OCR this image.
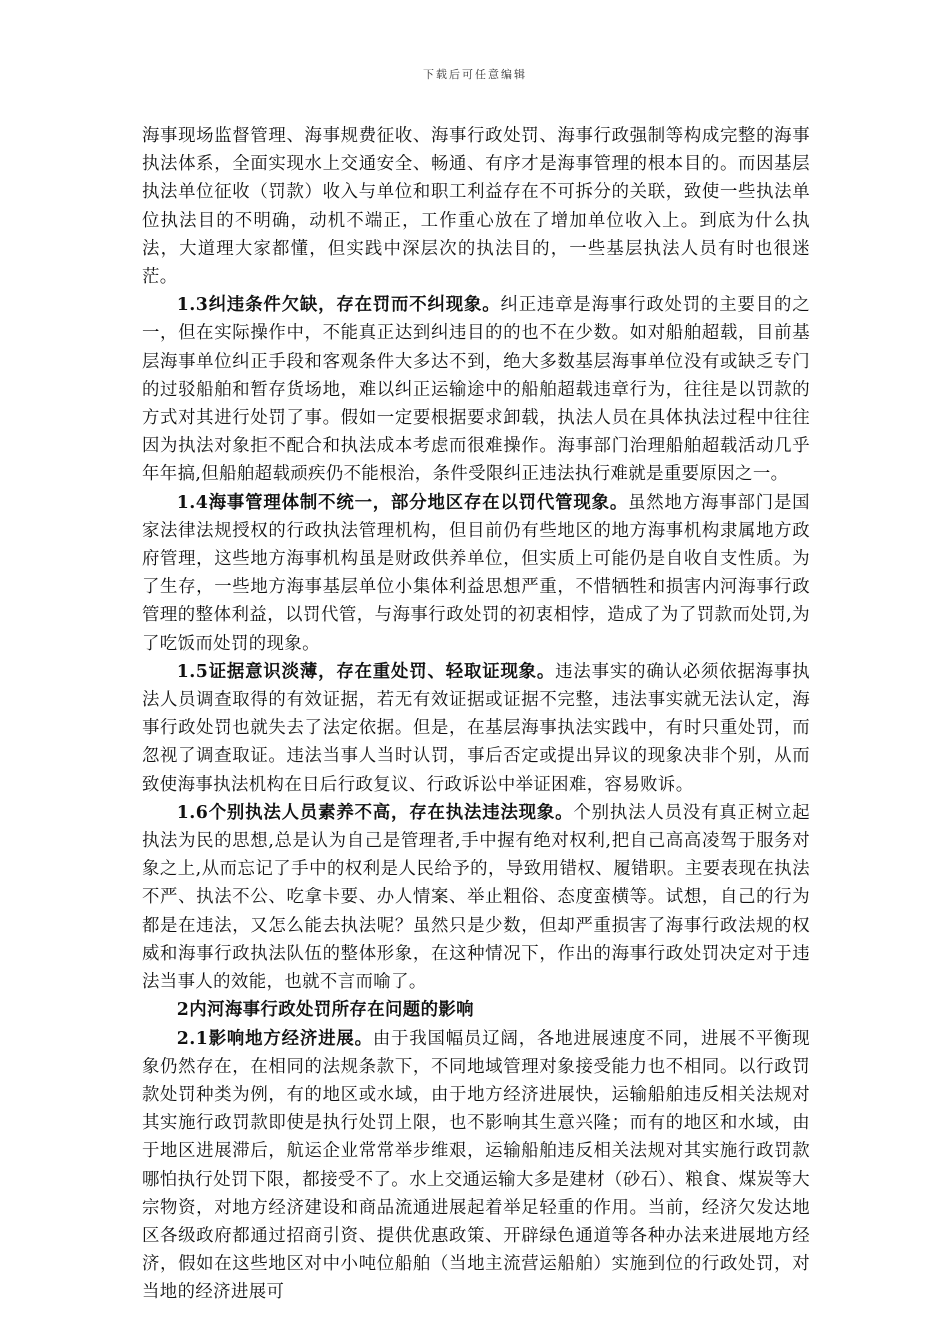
下载后可任意编辑

海事现场监督管理、海事规费征收、海事行政处罚、海事行政强制等构成完整的海事执法体系，全面实现水上交通安全、畅通、有序才是海事管理的根本目的。而因基层执法单位征收（罚款）收入与单位和职工利益存在不可拆分的关联，致使一些执法单位执法目的不明确，动机不端正，工作重心放在了增加单位收入上。到底为什么执法，大道理大家都懂，但实践中深层次的执法目的，一些基层执法人员有时也很迷茫。

1.3纠违条件欠缺，存在罚而不纠现象。纠正违章是海事行政处罚的主要目的之一，但在实际操作中，不能真正达到纠违目的的也不在少数。如对船舶超载，目前基层海事单位纠正手段和客观条件大多达不到，绝大多数基层海事单位没有或缺乏专门的过驳船舶和暂存货场地，难以纠正运输途中的船舶超载违章行为，往往是以罚款的方式对其进行处罚了事。假如一定要根据要求卸载，执法人员在具体执法过程中往往因为执法对象拒不配合和执法成本考虑而很难操作。海事部门治理船舶超载活动几乎年年搞,但船舶超载顽疾仍不能根治，条件受限纠正违法执行难就是重要原因之一。

1.4海事管理体制不统一，部分地区存在以罚代管现象。虽然地方海事部门是国家法律法规授权的行政执法管理机构，但目前仍有些地区的地方海事机构隶属地方政府管理，这些地方海事机构虽是财政供养单位，但实质上可能仍是自收自支性质。为了生存，一些地方海事基层单位小集体利益思想严重，不惜牺牲和损害内河海事行政管理的整体利益，以罚代管，与海事行政处罚的初衷相悖，造成了为了罚款而处罚,为了吃饭而处罚的现象。

1.5证据意识淡薄，存在重处罚、轻取证现象。违法事实的确认必须依据海事执法人员调查取得的有效证据，若无有效证据或证据不完整，违法事实就无法认定，海事行政处罚也就失去了法定依据。但是，在基层海事执法实践中，有时只重处罚，而忽视了调查取证。违法当事人当时认罚，事后否定或提出异议的现象决非个别，从而致使海事执法机构在日后行政复议、行政诉讼中举证困难，容易败诉。

1.6个别执法人员素养不高，存在执法违法现象。个别执法人员没有真正树立起执法为民的思想,总是认为自己是管理者,手中握有绝对权利,把自己高高凌驾于服务对象之上,从而忘记了手中的权利是人民给予的，导致用错权、履错职。主要表现在执法不严、执法不公、吃拿卡要、办人情案、举止粗俗、态度蛮横等。试想，自己的行为都是在违法，又怎么能去执法呢？虽然只是少数，但却严重损害了海事行政法规的权威和海事行政执法队伍的整体形象，在这种情况下，作出的海事行政处罚决定对于违法当事人的效能，也就不言而喻了。

2内河海事行政处罚所存在问题的影响

2.1影响地方经济进展。由于我国幅员辽阔，各地进展速度不同，进展不平衡现象仍然存在，在相同的法规条款下，不同地域管理对象接受能力也不相同。以行政罚款处罚种类为例，有的地区或水域，由于地方经济进展快，运输船舶违反相关法规对其实施行政罚款即使是执行处罚上限，也不影响其生意兴隆；而有的地区和水域，由于地区进展滞后，航运企业常常举步维艰，运输船舶违反相关法规对其实施行政罚款哪怕执行处罚下限，都接受不了。水上交通运输大多是建材（砂石）、粮食、煤炭等大宗物资，对地方经济建设和商品流通进展起着举足轻重的作用。当前，经济欠发达地区各级政府都通过招商引资、提供优惠政策、开辟绿色通道等各种办法来进展地方经济，假如在这些地区对中小吨位船舶（当地主流营运船舶）实施到位的行政处罚，对当地的经济进展可
